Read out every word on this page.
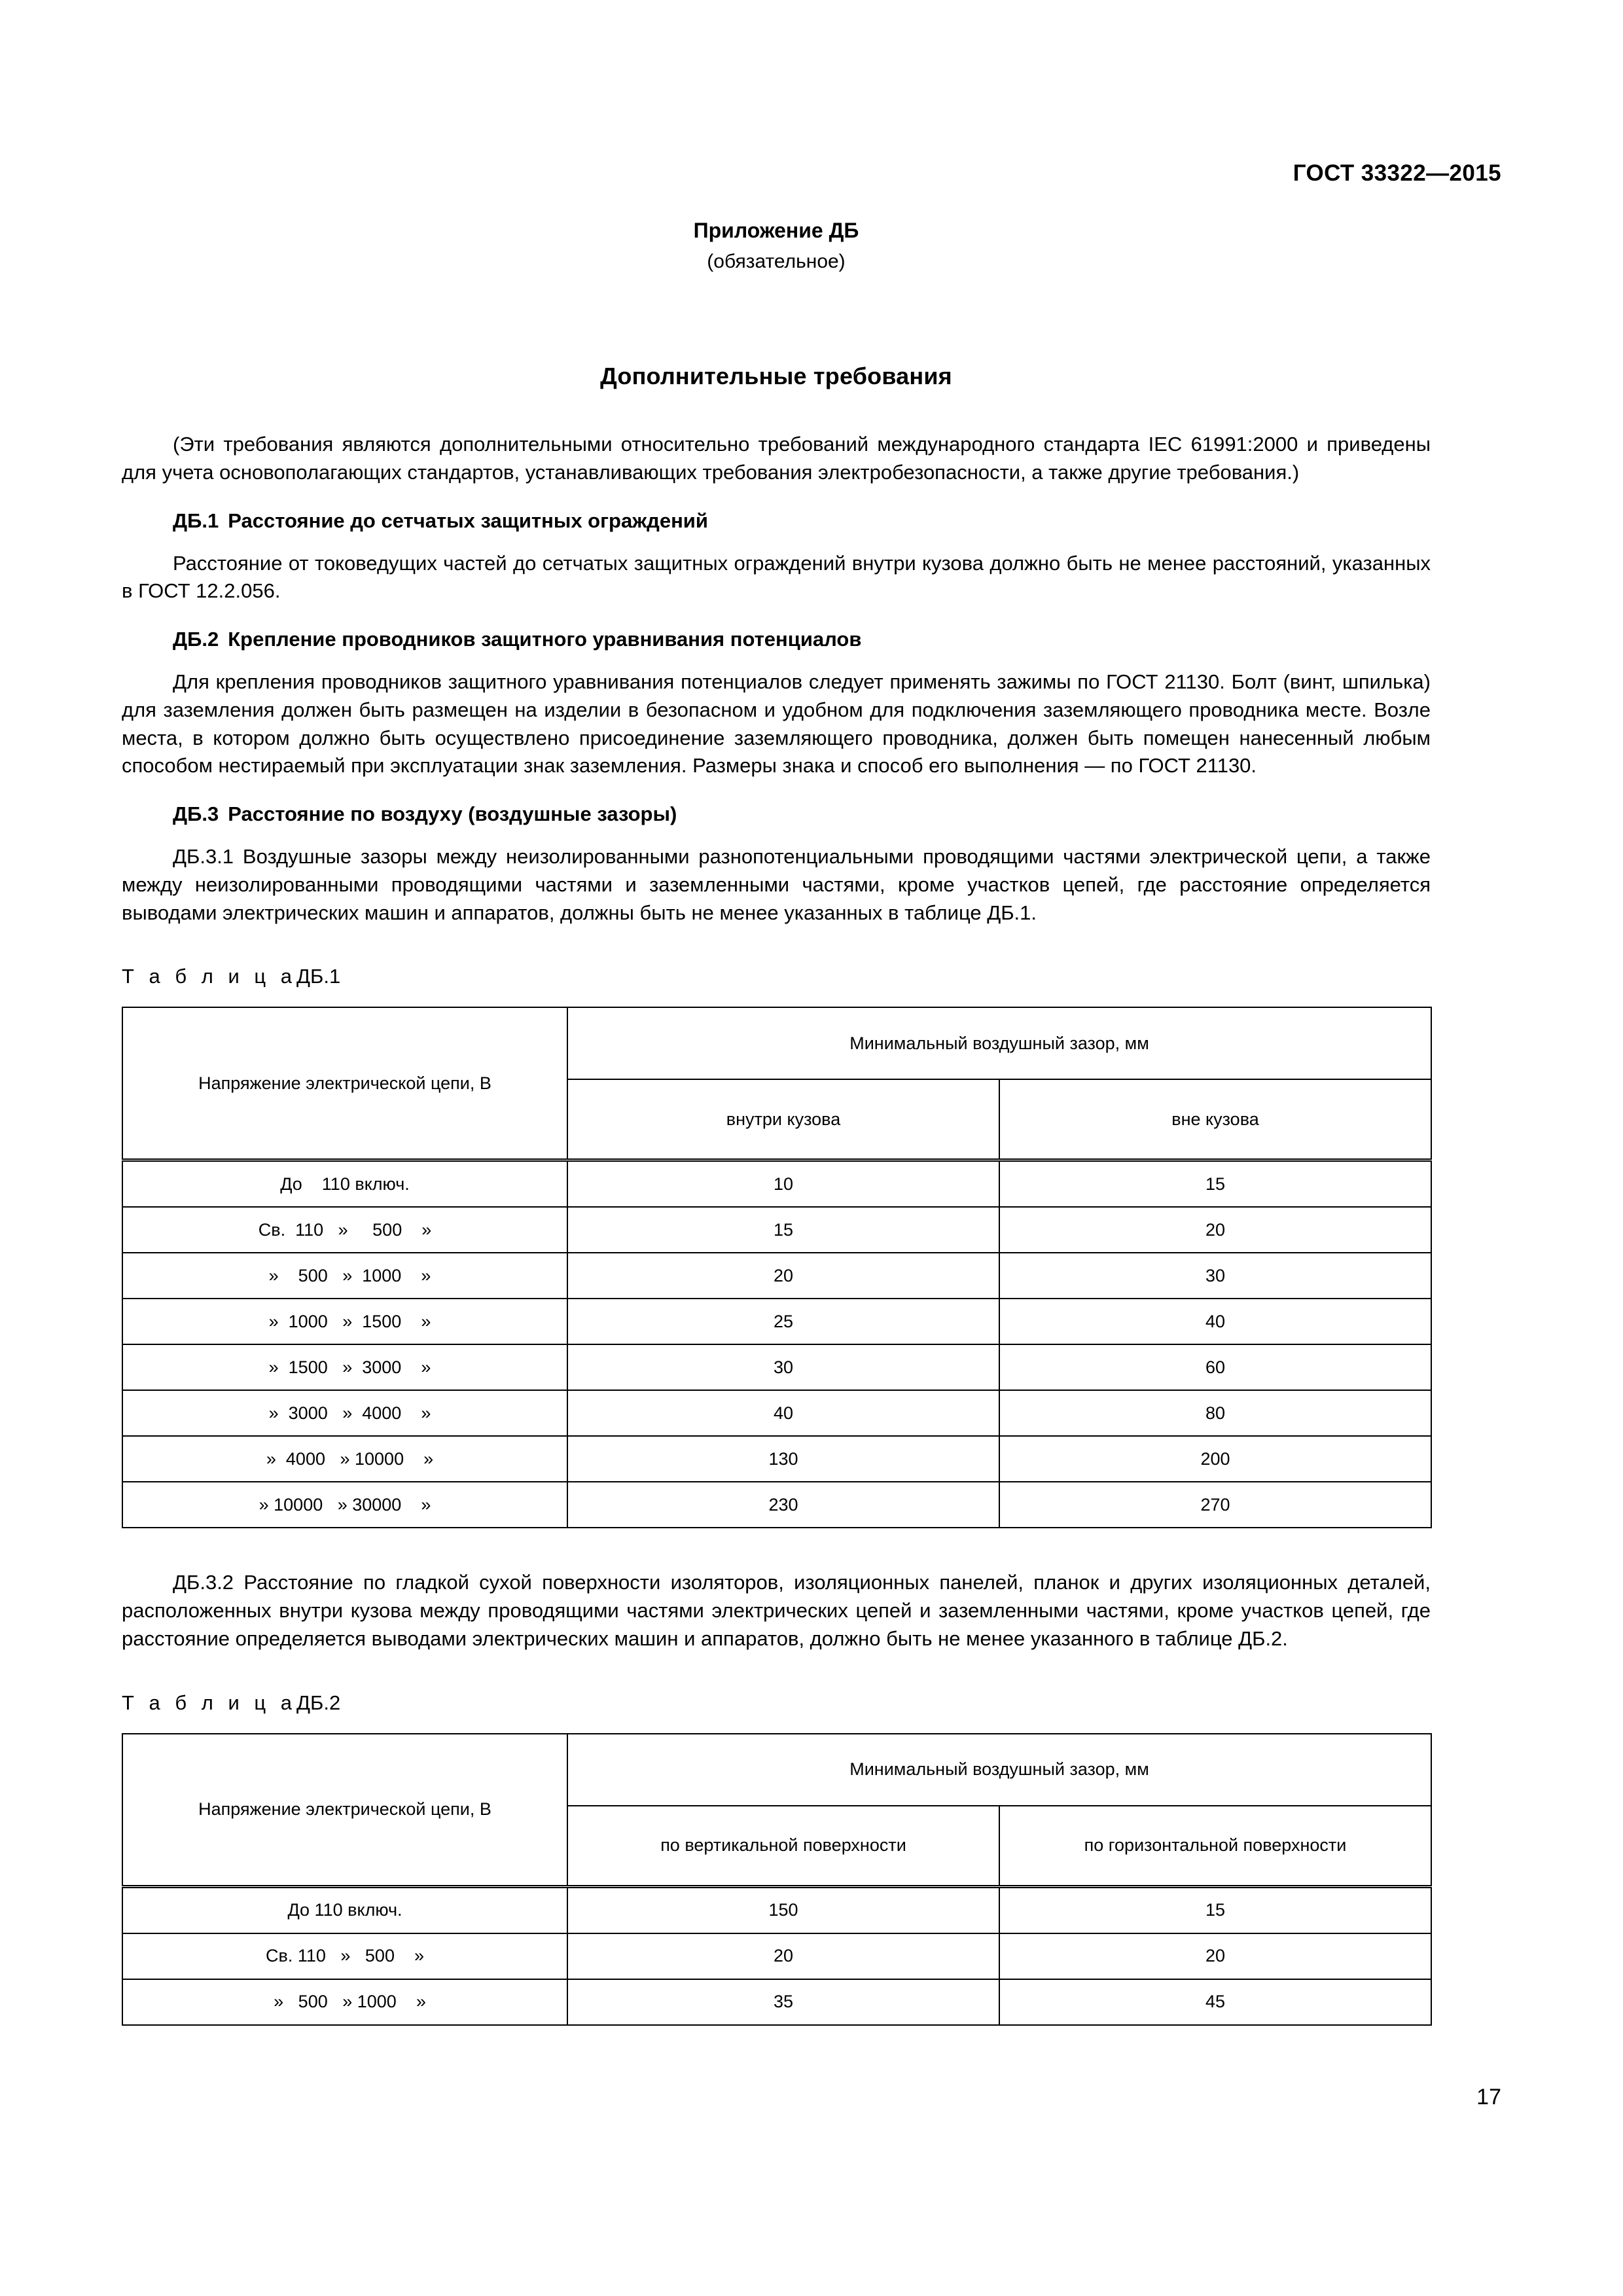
ГОСТ 33322—2015
Приложение ДБ
(обязательное)
Дополнительные требования

(Эти требования являются дополнительными относительно требований международного стандарта IEC 61991:2000 и приведены для учета основополагающих стандартов, устанавливающих требования электробезопасности, а также другие требования.)

ДБ.1 Расстояние до сетчатых защитных ограждений

Расстояние от токоведущих частей до сетчатых защитных ограждений внутри кузова должно быть не менее расстояний, указанных в ГОСТ 12.2.056.

ДБ.2 Крепление проводников защитного уравнивания потенциалов

Для крепления проводников защитного уравнивания потенциалов следует применять зажимы по ГОСТ 21130. Болт (винт, шпилька) для заземления должен быть размещен на изделии в безопасном и удобном для подключения заземляющего проводника месте. Возле места, в котором должно быть осуществлено присоединение заземляющего проводника, должен быть помещен нанесенный любым способом нестираемый при эксплуатации знак заземления. Размеры знака и способ его выполнения — по ГОСТ 21130.

ДБ.3 Расстояние по воздуху (воздушные зазоры)

ДБ.3.1 Воздушные зазоры между неизолированными разнопотенциальными проводящими частями электрической цепи, а также между неизолированными проводящими частями и заземленными частями, кроме участков цепей, где расстояние определяется выводами электрических машин и аппаратов, должны быть не менее указанных в таблице ДБ.1.

Т а б л и ц аДБ.1
Напряжение электрической цепи, В	Минимальный воздушный зазор, мм	
	внутри кузова	вне кузова
До    110 включ.	10	15
Св.  110   »     500    »	15	20
»    500   »  1000    »	20	30
»  1000   »  1500    »	25	40
»  1500   »  3000    »	30	60
»  3000   »  4000    »	40	80
»  4000   » 10000    »	130	200
» 10000   » 30000    »	230	270

ДБ.3.2 Расстояние по гладкой сухой поверхности изоляторов, изоляционных панелей, планок и других изоляционных деталей, расположенных внутри кузова между проводящими частями электрических цепей и заземленными частями, кроме участков цепей, где расстояние определяется выводами электрических машин и аппаратов, должно быть не менее указанного в таблице ДБ.2.

Т а б л и ц аДБ.2
Напряжение электрической цепи, В	Минимальный воздушный зазор, мм	
	по вертикальной поверхности	по горизонтальной поверхности
До 110 включ.	150	15
Св. 110   »   500    »	20	20
»   500   » 1000    »	35	45
17
